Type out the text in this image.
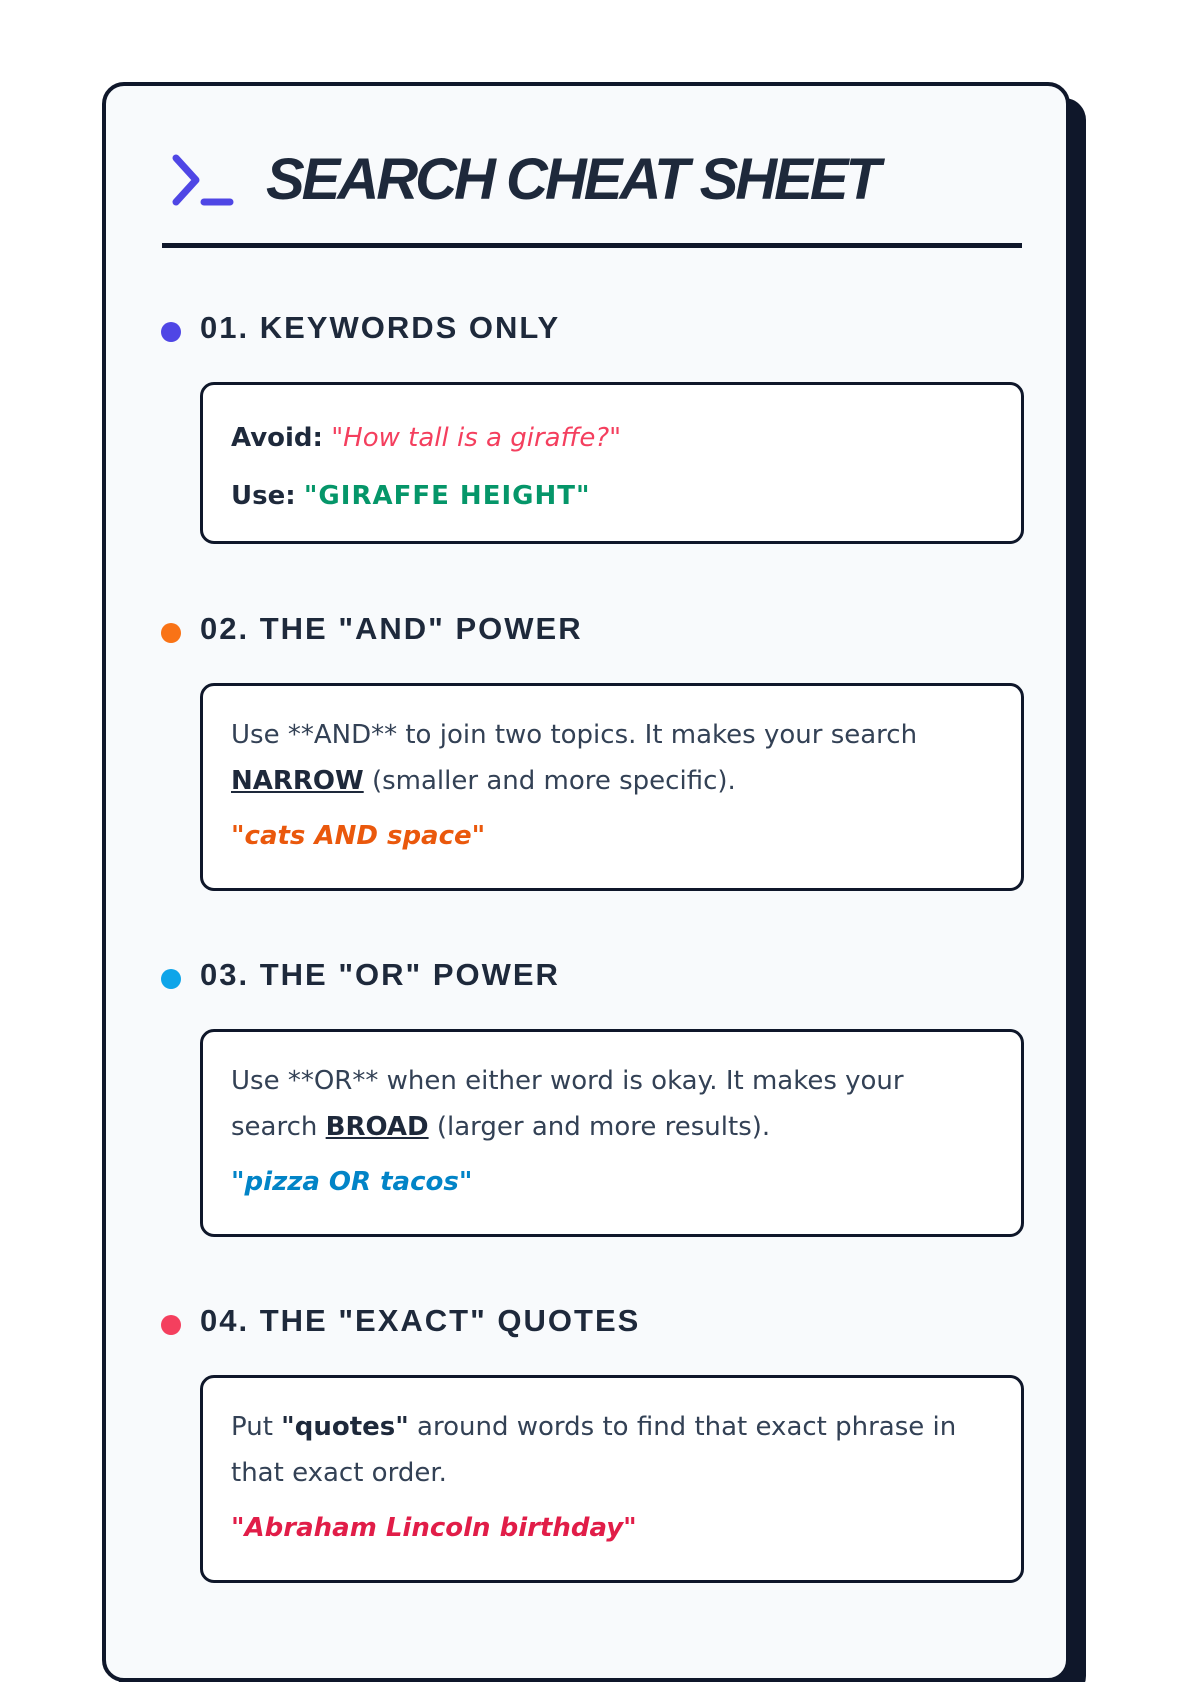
SEARCH CHEAT SHEET
01. KEYWORDS ONLY

Avoid: "How tall is a giraffe?"

Use: "GIRAFFE HEIGHT"

02. THE "AND" POWER

Use **AND** to join two topics. It makes your search NARROW (smaller and more specific).

"cats AND space"
03. THE "OR" POWER

Use **OR** when either word is okay. It makes your search BROAD (larger and more results).

"pizza OR tacos"
04. THE "EXACT" QUOTES

Put "quotes" around words to find that exact phrase in that exact order.

"Abraham Lincoln birthday"
